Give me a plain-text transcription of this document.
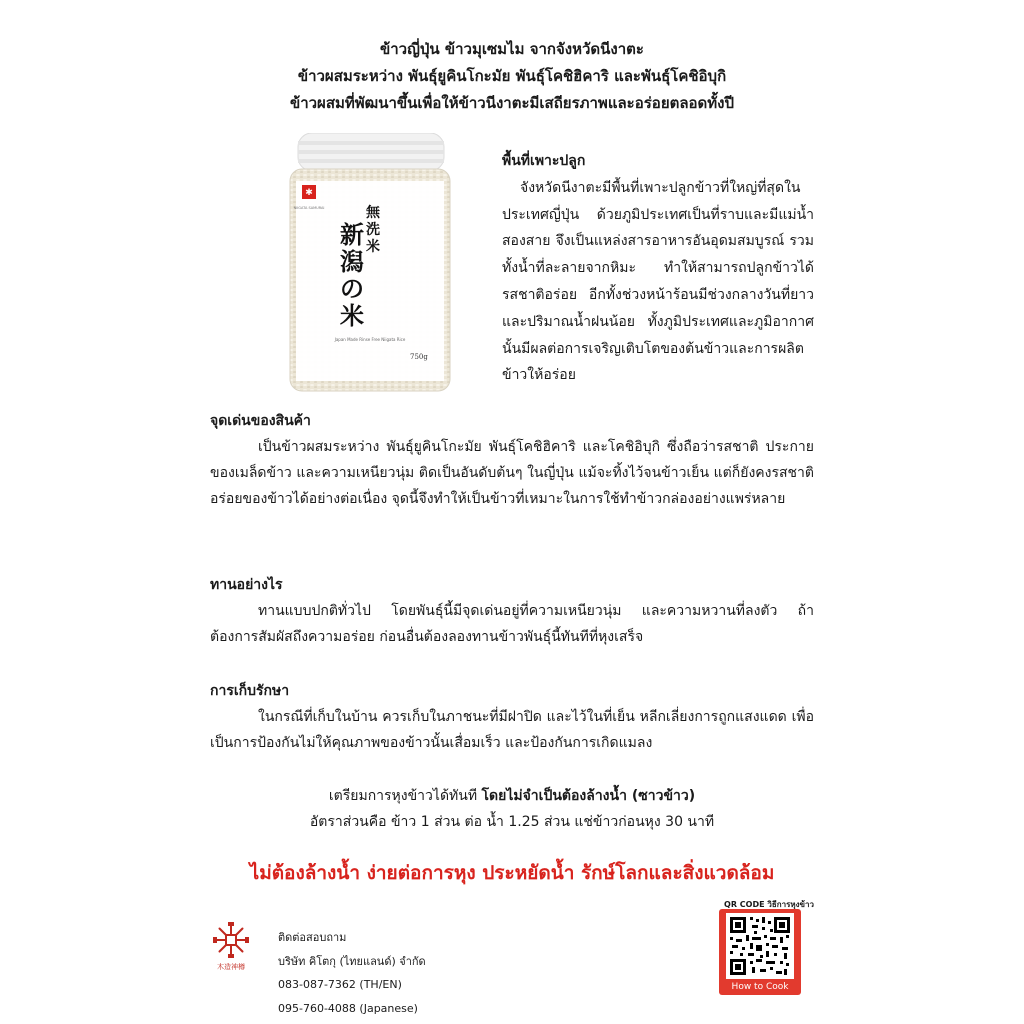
ข้าวญี่ปุ่น ข้าวมุเซมไม จากจังหวัดนีงาตะ
ข้าวผสมระหว่าง พันธุ์ยูคินโกะมัย พันธุ์โคชิฮิคาริ และพันธุ์โคชิอิบุกิ
ข้าวผสมที่พัฒนาขึ้นเพื่อให้ข้าวนีงาตะมีเสถียรภาพและอร่อยตลอดทั้งปี
✱
NIIGATA SAMURAI	無洗米
新潟の米
Japan Made Rinse Free Niigata Rice
750g
พื้นที่เพาะปลูก

จังหวัดนีงาตะมีพื้นที่เพาะปลูกข้าวที่ใหญ่ที่สุดในประเทศญี่ปุ่น ด้วยภูมิประเทศเป็นที่ราบและมีแม่น้ำสองสาย จึงเป็นแหล่งสารอาหารอันอุดมสมบูรณ์ รวมทั้งน้ำที่ละลายจากหิมะ ทำให้สามารถปลูกข้าวได้รสชาติอร่อย อีกทั้งช่วงหน้าร้อนมีช่วงกลางวันที่ยาวและปริมาณน้ำฝนน้อย ทั้งภูมิประเทศและภูมิอากาศนั้นมีผลต่อการเจริญเติบโตของต้นข้าวและการผลิตข้าวให้อร่อย

จุดเด่นของสินค้า

เป็นข้าวผสมระหว่าง พันธุ์ยูคินโกะมัย พันธุ์โคชิฮิคาริ และโคชิอิบุกิ ซึ่งถือว่ารสชาติ ประกายของเมล็ดข้าว และความเหนียวนุ่ม ติดเป็นอันดับต้นๆ ในญี่ปุ่น แม้จะทิ้งไว้จนข้าวเย็น แต่ก็ยังคงรสชาติอร่อยของข้าวได้อย่างต่อเนื่อง จุดนี้จึงทำให้เป็นข้าวที่เหมาะในการใช้ทำข้าวกล่องอย่างแพร่หลาย

ทานอย่างไร

ทานแบบปกติทั่วไป โดยพันธุ์นี้มีจุดเด่นอยู่ที่ความเหนียวนุ่ม และความหวานที่ลงตัว ถ้าต้องการสัมผัสถึงความอร่อย ก่อนอื่นต้องลองทานข้าวพันธุ์นี้ทันทีที่หุงเสร็จ

การเก็บรักษา

ในกรณีที่เก็บในบ้าน ควรเก็บในภาชนะที่มีฝาปิด และไว้ในที่เย็น หลีกเลี่ยงการถูกแสงแดด เพื่อเป็นการป้องกันไม่ให้คุณภาพของข้าวนั้นเสื่อมเร็ว และป้องกันการเกิดแมลง

เตรียมการหุงข้าวได้ทันที โดยไม่จำเป็นต้องล้างน้ำ (ซาวข้าว)
อัตราส่วนคือ ข้าว 1 ส่วน ต่อ น้ำ 1.25 ส่วน แช่ข้าวก่อนหุง 30 นาที
ไม่ต้องล้างน้ำ ง่ายต่อการหุง ประหยัดน้ำ รักษ์โลกและสิ่งแวดล้อม
木造神樽
ติดต่อสอบถาม
บริษัท คิโตกุ (ไทยแลนด์) จำกัด
083-087-7362 (TH/EN)
095-760-4088 (Japanese)
QR CODE วิธีการหุงข้าว
How to Cook
